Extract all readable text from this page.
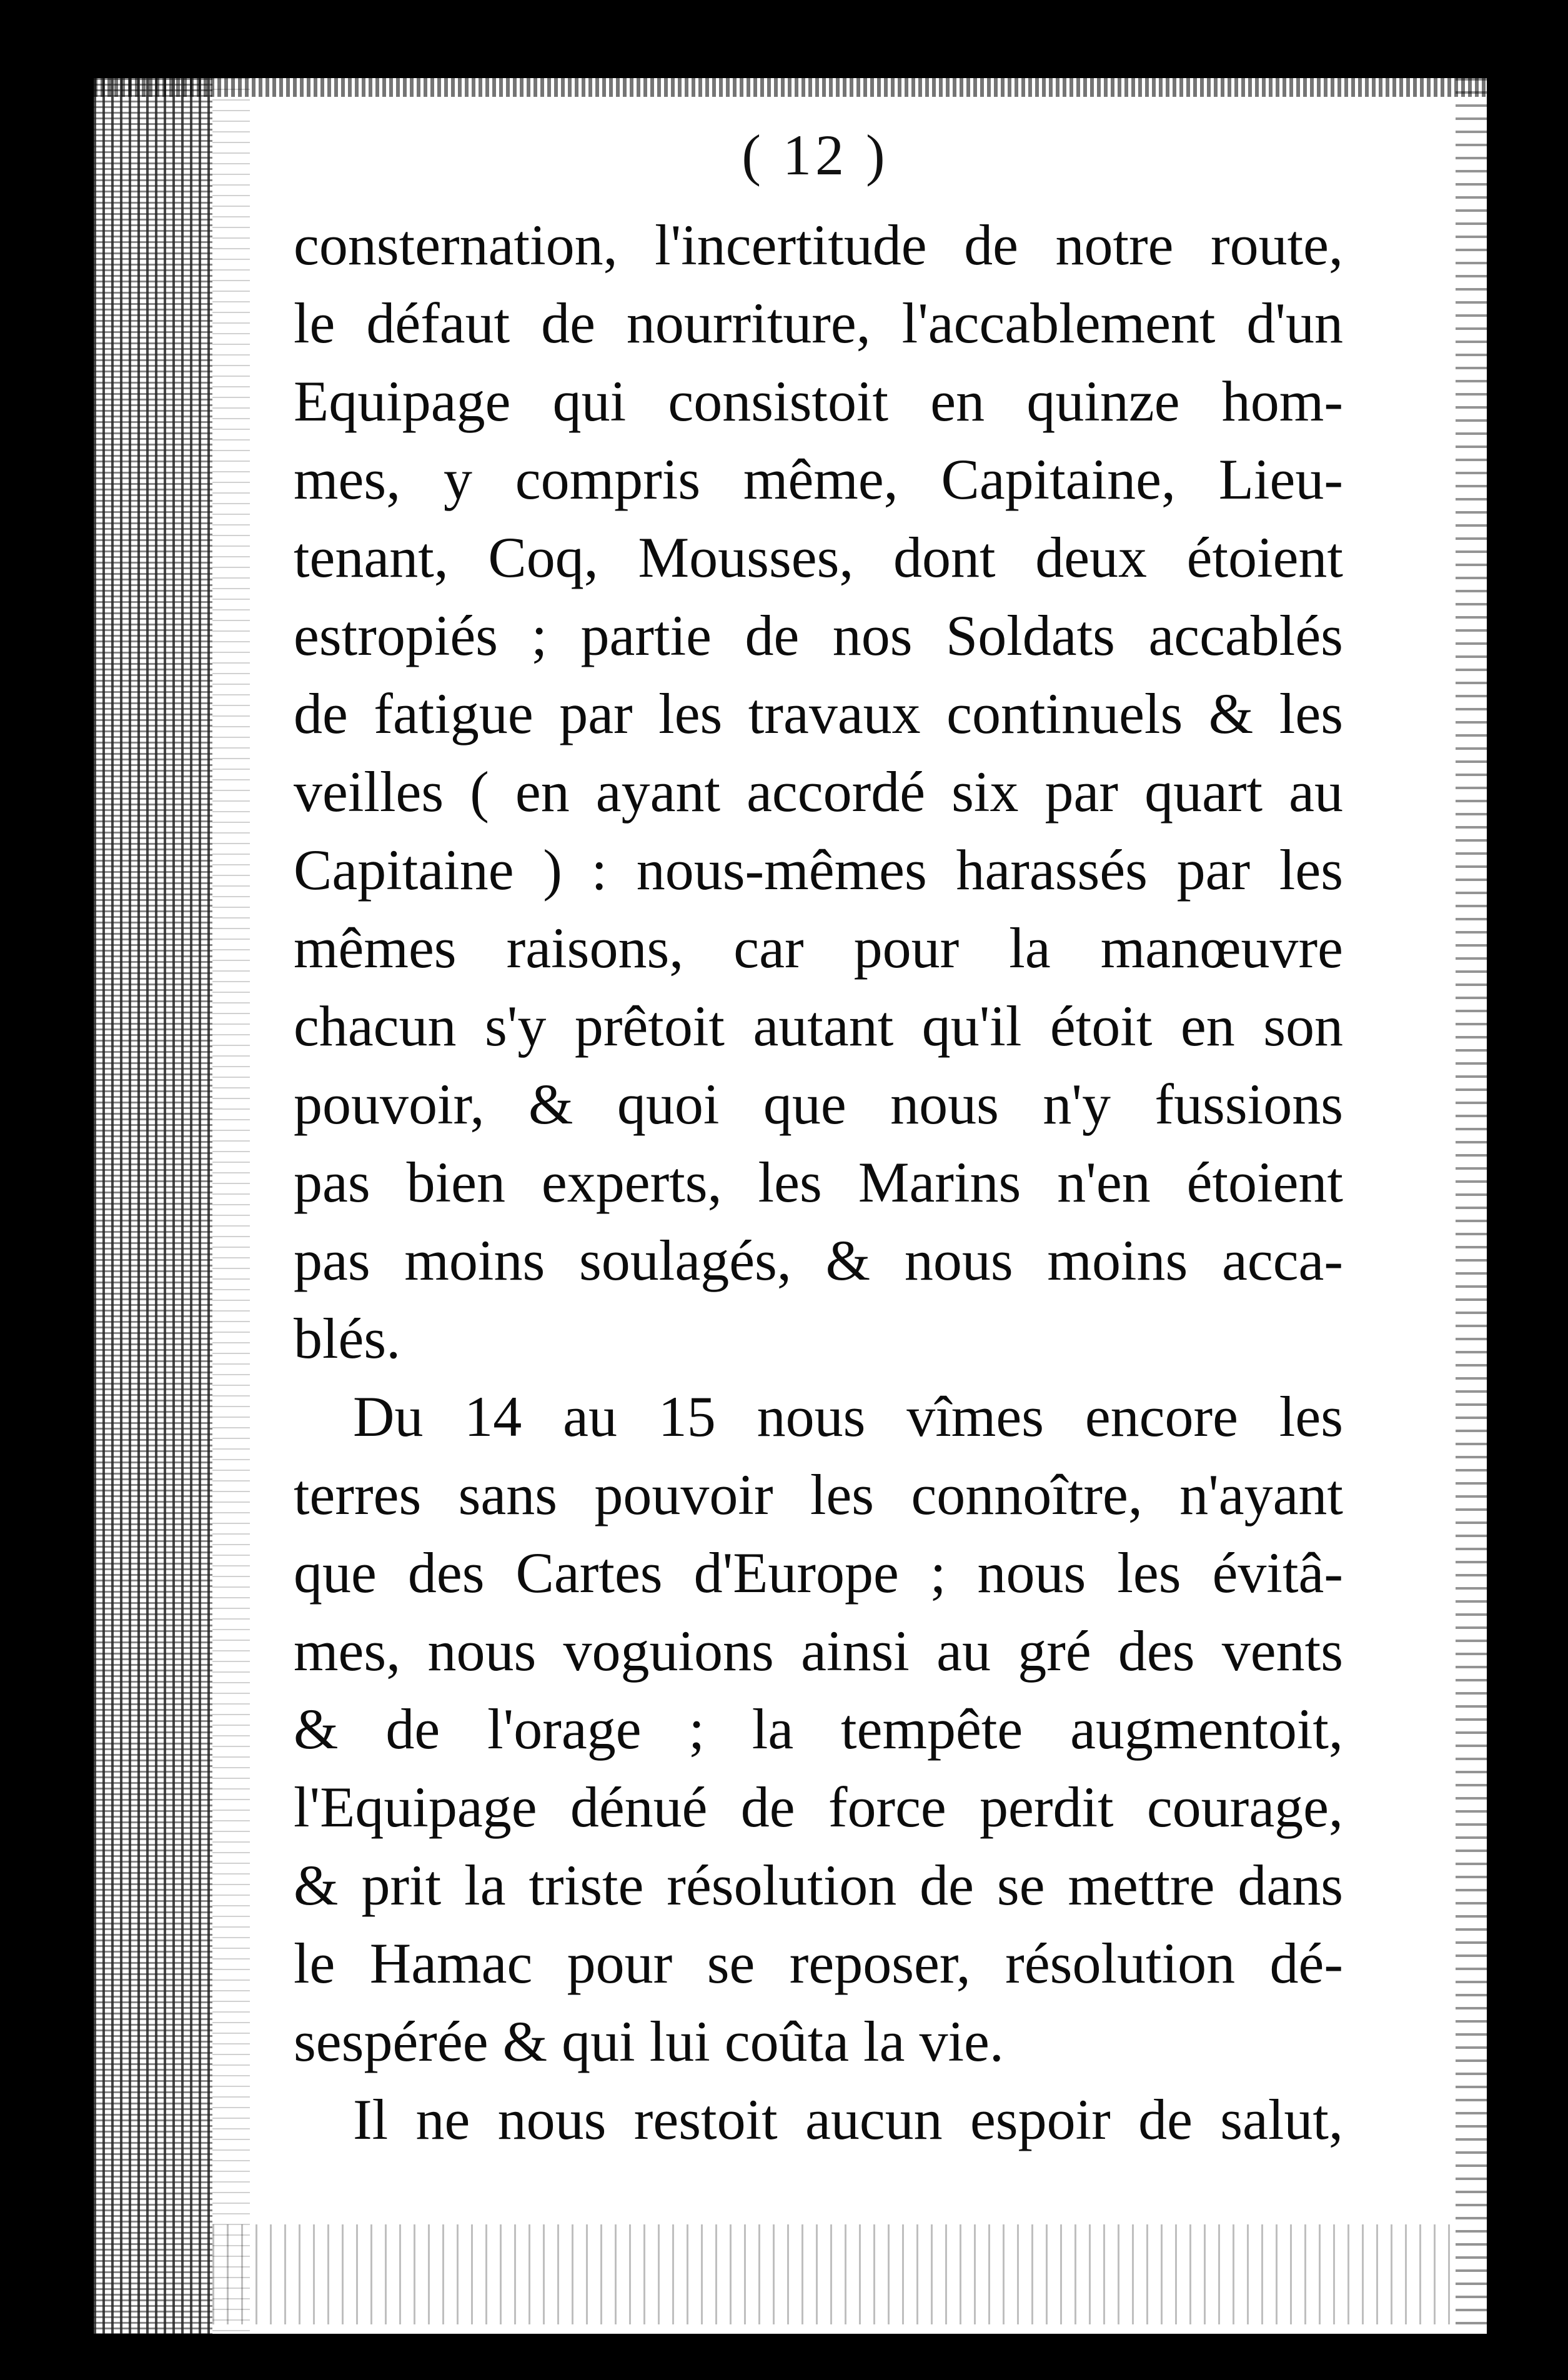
( 12 )
consternation, l'incertitude de notre route,
le défaut de nourriture, l'accablement d'un
Equipage qui consistoit en quinze hom-
mes, y compris même, Capitaine, Lieu-
tenant, Coq, Mousses, dont deux étoient
estropiés ; partie de nos Soldats accablés
de fatigue par les travaux continuels & les
veilles ( en ayant accordé six par quart au
Capitaine ) : nous-mêmes harassés par les
mêmes raisons, car pour la manœuvre
chacun s'y prêtoit autant qu'il étoit en son
pouvoir, & quoi que nous n'y fussions
pas bien experts, les Marins n'en étoient
pas moins soulagés, & nous moins acca-
blés.
Du 14 au 15 nous vîmes encore les
terres sans pouvoir les connoître, n'ayant
que des Cartes d'Europe ; nous les évitâ-
mes, nous voguions ainsi au gré des vents
& de l'orage ; la tempête augmentoit,
l'Equipage dénué de force perdit courage,
& prit la triste résolution de se mettre dans
le Hamac pour se reposer, résolution dé-
sespérée & qui lui coûta la vie.
Il ne nous restoit aucun espoir de salut,
